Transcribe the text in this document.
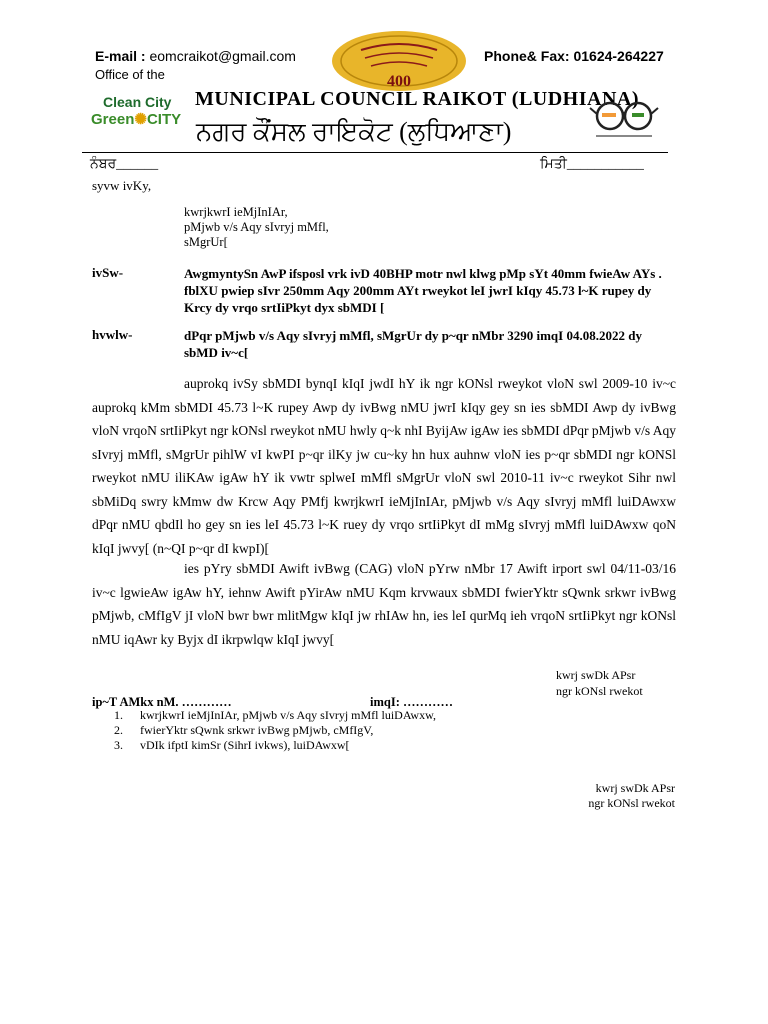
E-mail : eomcraikot@gmail.com
Office of the	400
Phone& Fax: 01624-264227
Clean City
Green✺CITY
MUNICIPAL COUNCIL RAIKOT (LUDHIANA)
ਨਗਰ ਕੌਂਸਲ ਰਾਇਕੋਟ (ਲੁਧਿਆਣਾ)
ਨੰਬਰ______	ਮਿਤੀ___________
syvw ivKy,
kwrjkwrI ieMjInIAr,
pMjwb v/s Aqy sIvryj mMfl,
sMgrUr[
ivSw-	AwgmyntySn AwP ifsposl vrk ivD 40BHP motr nwl klwg pMp sYt 40mm fwieAw AYs . fblXU pwiep sIvr 250mm Aqy 200mm AYt rweykot leI jwrI kIqy 45.73 l~K rupey dy Krcy dy vrqo srtIiPkyt dyx sbMDI [
hvwlw-	dPqr pMjwb v/s Aqy sIvryj mMfl, sMgrUr dy p~qr nMbr 3290 imqI 04.08.2022 dy sbMD iv~c[
auprokq ivSy sbMDI bynqI kIqI jwdI hY ik ngr kONsl rweykot vloN swl 2009-10 iv~c auprokq kMm sbMDI 45.73 l~K rupey Awp dy ivBwg nMU jwrI kIqy gey sn ies sbMDI Awp dy ivBwg vloN vrqoN srtIiPkyt ngr kONsl rweykot nMU hwly q~k nhI ByijAw igAw ies sbMDI dPqr pMjwb v/s Aqy sIvryj mMfl, sMgrUr pihlW vI kwPI p~qr ilKy jw cu~ky hn hux auhnw vloN ies p~qr sbMDI ngr kONSl rweykot nMU iliKAw igAw hY ik vwtr splweI mMfl sMgrUr vloN swl 2010-11 iv~c rweykot Sihr nwl sbMiDq swry kMmw dw Krcw Aqy PMfj kwrjkwrI ieMjInIAr, pMjwb v/s Aqy sIvryj mMfl luiDAwxw dPqr nMU qbdIl ho gey sn ies leI 45.73 l~K ruey dy vrqo srtIiPkyt dI mMg sIvryj mMfl luiDAwxw qoN kIqI jwvy[ (n~QI p~qr dI kwpI)[
ies pYry sbMDI Awift ivBwg (CAG) vloN pYrw nMbr 17 Awift irport swl 04/11-03/16 iv~c lgwieAw igAw hY, iehnw Awift pYirAw nMU Kqm krvwaux sbMDI fwierYktr sQwnk srkwr ivBwg pMjwb, cMfIgV jI vloN bwr bwr mlitMgw kIqI jw rhIAw hn, ies leI qurMq ieh vrqoN srtIiPkyt ngr kONsl nMU iqAwr ky Byjx dI ikrpwlqw kIqI jwvy[
kwrj swDk APsr
ngr kONsl rwekot
ip~T AMkx nM. …………	imqI: …………
1. kwrjkwrI ieMjInIAr, pMjwb v/s Aqy sIvryj mMfl luiDAwxw,
2. fwierYktr sQwnk srkwr ivBwg pMjwb, cMfIgV,
3. vDIk ifptI kimSr (SihrI ivkws), luiDAwxw[
kwrj swDk APsr
ngr kONsl rwekot
